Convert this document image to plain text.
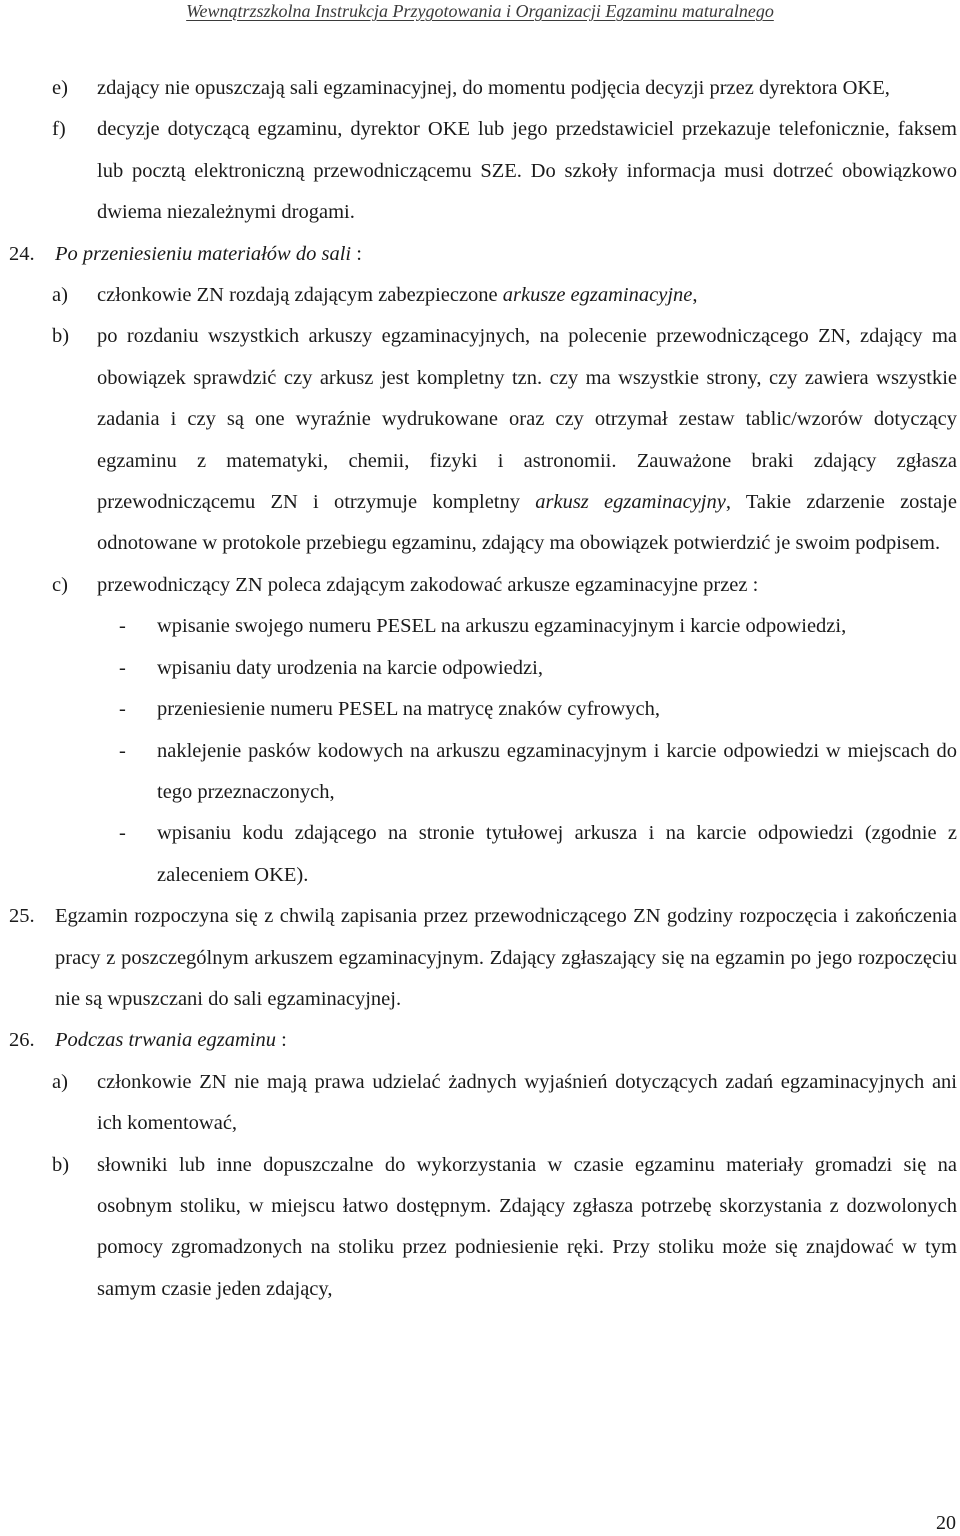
Wewnątrzszkolna Instrukcja Przygotowania i Organizacji Egzaminu maturalnego
e)	zdający nie opuszczają sali egzaminacyjnej, do momentu podjęcia decyzji przez dyrektora OKE,
f)	decyzje dotyczącą egzaminu, dyrektor OKE lub jego przedstawiciel przekazuje telefonicznie, faksem lub pocztą elektroniczną przewodniczącemu SZE. Do szkoły informacja musi dotrzeć obowiązkowo dwiema niezależnymi drogami.
24. Po przeniesieniu materiałów do sali :
a)	członkowie ZN rozdają zdającym zabezpieczone arkusze egzaminacyjne,
b)	po rozdaniu wszystkich arkuszy egzaminacyjnych, na polecenie przewodniczącego ZN, zdający ma obowiązek sprawdzić czy arkusz jest kompletny tzn. czy ma wszystkie strony, czy zawiera wszystkie zadania i czy są one wyraźnie wydrukowane oraz czy otrzymał zestaw tablic/wzorów dotyczący egzaminu z matematyki, chemii, fizyki i astronomii. Zauważone braki zdający zgłasza przewodniczącemu ZN i otrzymuje kompletny arkusz egzaminacyjny, Takie zdarzenie zostaje odnotowane w protokole przebiegu egzaminu, zdający ma obowiązek potwierdzić je swoim podpisem.
c)	przewodniczący ZN poleca zdającym zakodować arkusze egzaminacyjne przez :
-	wpisanie swojego numeru PESEL na arkuszu egzaminacyjnym i karcie odpowiedzi,
-	wpisaniu daty urodzenia na karcie odpowiedzi,
-	przeniesienie numeru PESEL na matrycę znaków cyfrowych,
-	naklejenie pasków kodowych na arkuszu egzaminacyjnym i karcie odpowiedzi w miejscach do tego przeznaczonych,
-	wpisaniu kodu zdającego na stronie tytułowej arkusza i na karcie odpowiedzi (zgodnie z zaleceniem OKE).
25. Egzamin rozpoczyna się z chwilą zapisania przez przewodniczącego ZN godziny rozpoczęcia i zakończenia pracy z poszczególnym arkuszem egzaminacyjnym. Zdający zgłaszający się na egzamin po jego rozpoczęciu nie są wpuszczani do sali egzaminacyjnej.
26. Podczas trwania egzaminu :
a)	członkowie ZN nie mają prawa udzielać żadnych wyjaśnień dotyczących zadań egzaminacyjnych ani ich komentować,
b)	słowniki lub inne dopuszczalne do wykorzystania w czasie egzaminu materiały gromadzi się na osobnym stoliku, w miejscu łatwo dostępnym. Zdający zgłasza potrzebę skorzystania z dozwolonych pomocy zgromadzonych na stoliku przez podniesienie ręki. Przy stoliku może się znajdować w tym samym czasie jeden zdający,
20
